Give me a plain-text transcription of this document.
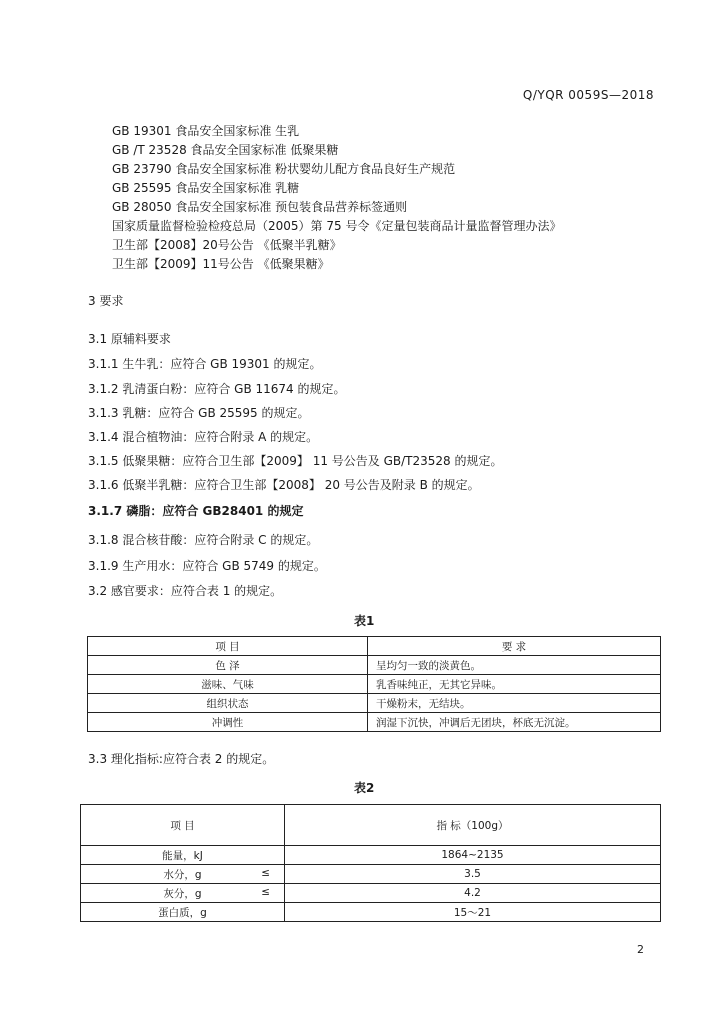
Q/YQR 0059S—2018
GB 19301 食品安全国家标准 生乳
GB /T 23528 食品安全国家标准 低聚果糖
GB 23790 食品安全国家标准 粉状婴幼儿配方食品良好生产规范
GB 25595 食品安全国家标准 乳糖
GB 28050 食品安全国家标准 预包装食品营养标签通则
国家质量监督检验检疫总局（2005）第 75 号令《定量包装商品计量监督管理办法》
卫生部【2008】20号公告 《低聚半乳糖》
卫生部【2009】11号公告 《低聚果糖》
3 要求
3.1 原辅料要求
3.1.1 生牛乳：应符合 GB 19301 的规定。
3.1.2 乳清蛋白粉：应符合 GB 11674 的规定。
3.1.3 乳糖：应符合 GB 25595 的规定。
3.1.4 混合植物油：应符合附录 A 的规定。
3.1.5 低聚果糖：应符合卫生部【2009】 11 号公告及 GB/T23528 的规定。
3.1.6 低聚半乳糖：应符合卫生部【2008】 20 号公告及附录 B 的规定。
3.1.7 磷脂：应符合 GB28401 的规定
3.1.8 混合核苷酸：应符合附录 C 的规定。
3.1.9 生产用水：应符合 GB 5749 的规定。
3.2 感官要求：应符合表 1 的规定。
表1
项 目	要 求
色 泽	呈均匀一致的淡黄色。
滋味、气味	乳香味纯正，无其它异味。
组织状态	干燥粉末，无结块。
冲调性	润湿下沉快，冲调后无团块，杯底无沉淀。
3.3 理化指标:应符合表 2 的规定。
表2
项 目	指 标（100g）
能量，kJ	1864~2135
水分，g ≤	3.5
灰分，g ≤	4.2
蛋白质，g	15～21
2
